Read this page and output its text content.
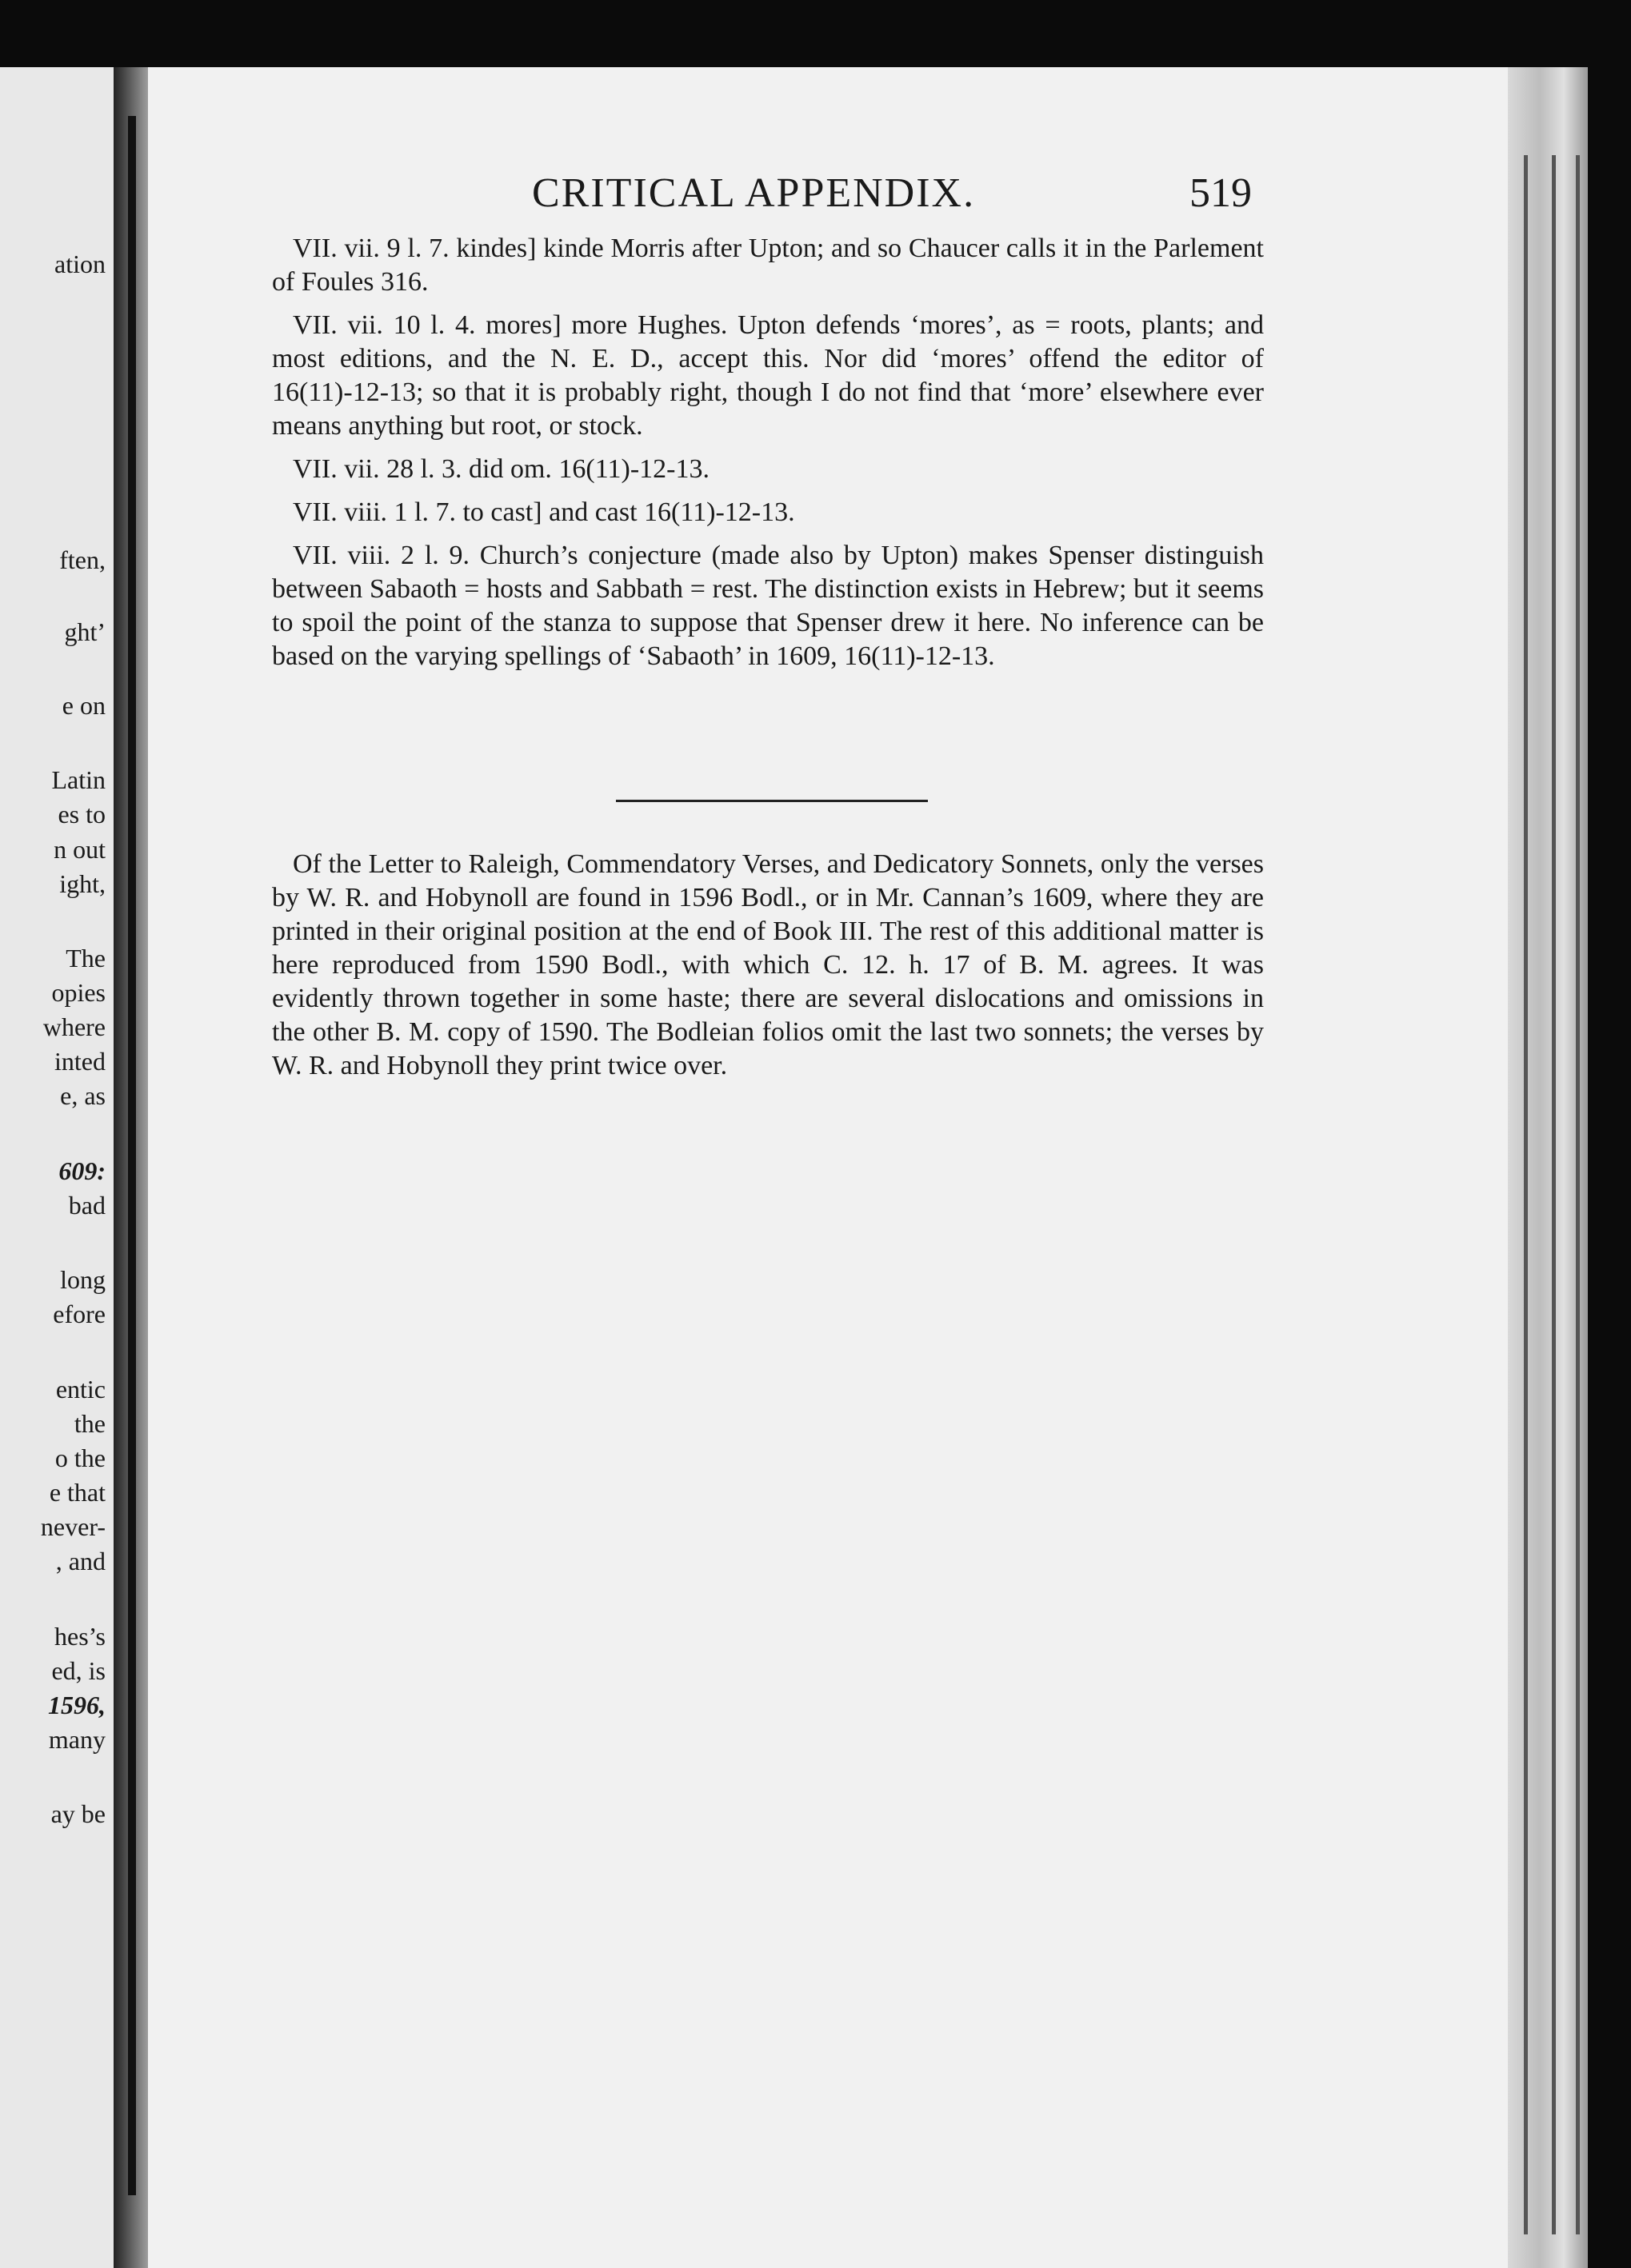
ation
ften,
ght’
e on
Latin
es to
n out
ight,
The
opies
where
inted
e, as
609:
bad
long
efore
entic
the
o the
e that
never-
, and
hes’s
ed, is
1596,
many
ay be
CRITICAL APPENDIX.	519

VII. vii. 9 l. 7. kindes] kinde Morris after Upton; and so Chaucer calls it in the Parlement of Foules 316.

VII. vii. 10 l. 4. mores] more Hughes. Upton defends ‘mores’, as = roots, plants; and most editions, and the N. E. D., accept this. Nor did ‘mores’ offend the editor of 16(11)-12-13; so that it is probably right, though I do not find that ‘more’ elsewhere ever means anything but root, or stock.

VII. vii. 28 l. 3. did om. 16(11)-12-13.

VII. viii. 1 l. 7. to cast] and cast 16(11)-12-13.

VII. viii. 2 l. 9. Church’s conjecture (made also by Upton) makes Spenser distinguish between Sabaoth = hosts and Sabbath = rest. The distinction exists in Hebrew; but it seems to spoil the point of the stanza to suppose that Spenser drew it here. No inference can be based on the varying spellings of ‘Sabaoth’ in 1609, 16(11)-12-13.

Of the Letter to Raleigh, Commendatory Verses, and Dedicatory Sonnets, only the verses by W. R. and Hobynoll are found in 1596 Bodl., or in Mr. Cannan’s 1609, where they are printed in their original position at the end of Book III. The rest of this additional matter is here reproduced from 1590 Bodl., with which C. 12. h. 17 of B. M. agrees. It was evidently thrown together in some haste; there are several dislocations and omissions in the other B. M. copy of 1590. The Bodleian folios omit the last two sonnets; the verses by W. R. and Hobynoll they print twice over.
